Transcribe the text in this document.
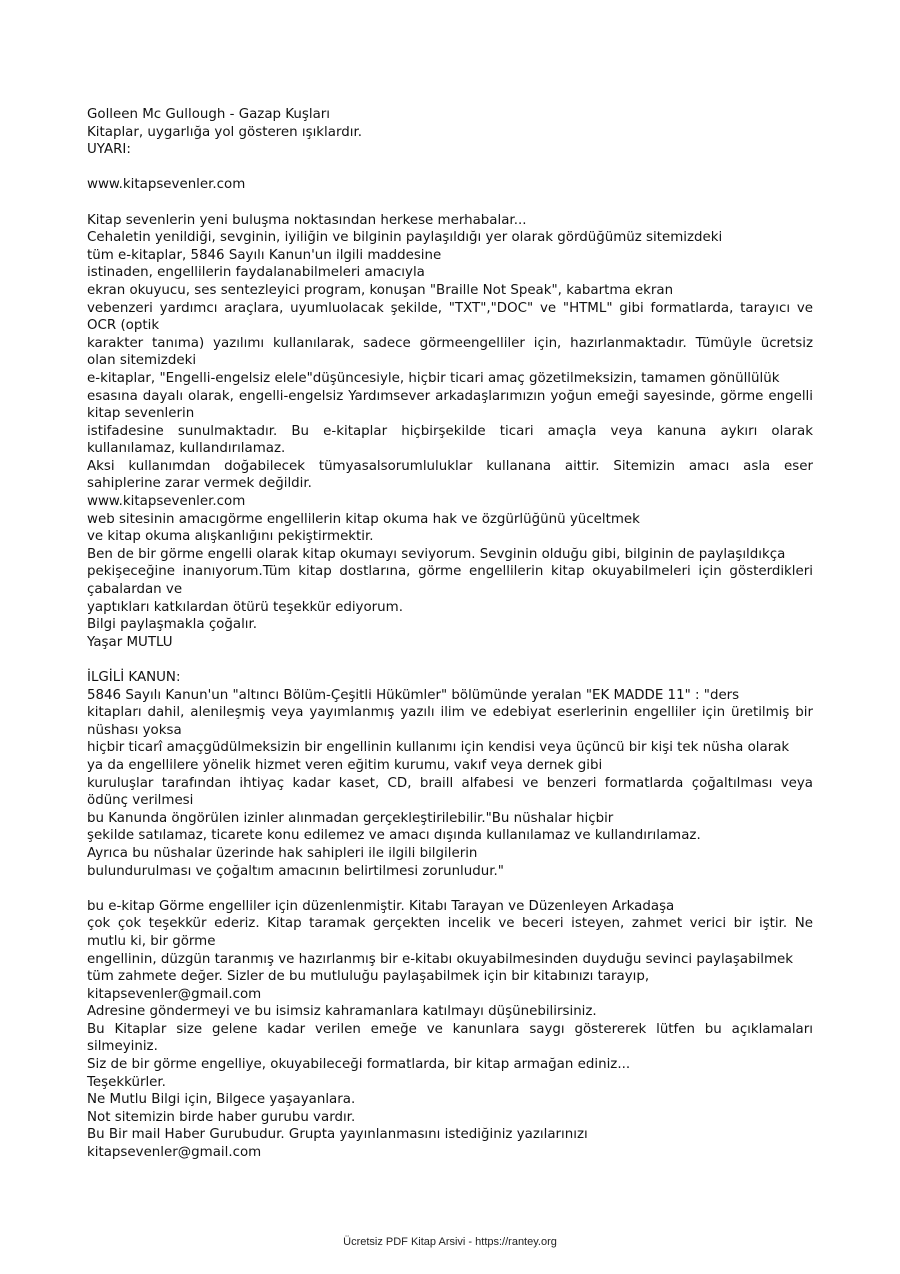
Golleen Mc Gullough - Gazap Kuşları
Kitaplar, uygarlığa yol gösteren ışıklardır.
UYARI:
www.kitapsevenler.com
Kitap sevenlerin yeni buluşma noktasından herkese merhabalar...
Cehaletin yenildiği, sevginin, iyiliğin ve bilginin paylaşıldığı yer olarak gördüğümüz sitemizdeki
tüm e-kitaplar, 5846 Sayılı Kanun'un ilgili maddesine
istinaden, engellilerin faydalanabilmeleri amacıyla
ekran okuyucu, ses sentezleyici program, konuşan "Braille Not Speak", kabartma ekran
vebenzeri yardımcı araçlara, uyumluolacak şekilde, "TXT","DOC" ve "HTML" gibi formatlarda, tarayıcı ve
OCR (optik
karakter tanıma) yazılımı kullanılarak, sadece görmeengelliler için, hazırlanmaktadır. Tümüyle ücretsiz
olan sitemizdeki
e-kitaplar, "Engelli-engelsiz elele"düşüncesiyle, hiçbir ticari amaç gözetilmeksizin, tamamen gönüllülük
esasına dayalı olarak, engelli-engelsiz Yardımsever arkadaşlarımızın yoğun emeği sayesinde, görme engelli
kitap sevenlerin
istifadesine sunulmaktadır. Bu e-kitaplar hiçbirşekilde ticari amaçla veya kanuna aykırı olarak
kullanılamaz, kullandırılamaz.
Aksi kullanımdan doğabilecek tümyasalsorumluluklar kullanana aittir. Sitemizin amacı asla eser
sahiplerine zarar vermek değildir.
www.kitapsevenler.com
web sitesinin amacıgörme engellilerin kitap okuma hak ve özgürlüğünü yüceltmek
ve kitap okuma alışkanlığını pekiştirmektir.
Ben de bir görme engelli olarak kitap okumayı seviyorum. Sevginin olduğu gibi, bilginin de paylaşıldıkça
pekişeceğine inanıyorum.Tüm kitap dostlarına, görme engellilerin kitap okuyabilmeleri için gösterdikleri
çabalardan ve
yaptıkları katkılardan ötürü teşekkür ediyorum.
Bilgi paylaşmakla çoğalır.
Yaşar MUTLU
İLGİLİ KANUN:
5846 Sayılı Kanun'un "altıncı Bölüm-Çeşitli Hükümler" bölümünde yeralan "EK MADDE 11" : "ders
kitapları dahil, alenileşmiş veya yayımlanmış yazılı ilim ve edebiyat eserlerinin engelliler için üretilmiş bir
nüshası yoksa
hiçbir ticarî amaçgüdülmeksizin bir engellinin kullanımı için kendisi veya üçüncü bir kişi tek nüsha olarak
ya da engellilere yönelik hizmet veren eğitim kurumu, vakıf veya dernek gibi
kuruluşlar tarafından ihtiyaç kadar kaset, CD, braill alfabesi ve benzeri formatlarda çoğaltılması veya
ödünç verilmesi
bu Kanunda öngörülen izinler alınmadan gerçekleştirilebilir."Bu nüshalar hiçbir
şekilde satılamaz, ticarete konu edilemez ve amacı dışında kullanılamaz ve kullandırılamaz.
Ayrıca bu nüshalar üzerinde hak sahipleri ile ilgili bilgilerin
bulundurulması ve çoğaltım amacının belirtilmesi zorunludur."
bu e-kitap Görme engelliler için düzenlenmiştir. Kitabı Tarayan ve Düzenleyen Arkadaşa
çok çok teşekkür ederiz. Kitap taramak gerçekten incelik ve beceri isteyen, zahmet verici bir iştir. Ne
mutlu ki, bir görme
engellinin, düzgün taranmış ve hazırlanmış bir e-kitabı okuyabilmesinden duyduğu sevinci paylaşabilmek
tüm zahmete değer. Sizler de bu mutluluğu paylaşabilmek için bir kitabınızı tarayıp,
kitapsevenler@gmail.com
Adresine göndermeyi ve bu isimsiz kahramanlara katılmayı düşünebilirsiniz.
Bu Kitaplar size gelene kadar verilen emeğe ve kanunlara saygı göstererek lütfen bu açıklamaları
silmeyiniz.
Siz de bir görme engelliye, okuyabileceği formatlarda, bir kitap armağan ediniz...
Teşekkürler.
Ne Mutlu Bilgi için, Bilgece yaşayanlara.
Not sitemizin birde haber gurubu vardır.
Bu Bir mail Haber Gurubudur. Grupta yayınlanmasını istediğiniz yazılarınızı
kitapsevenler@gmail.com
Ücretsiz PDF Kitap Arsivi - https://rantey.org
